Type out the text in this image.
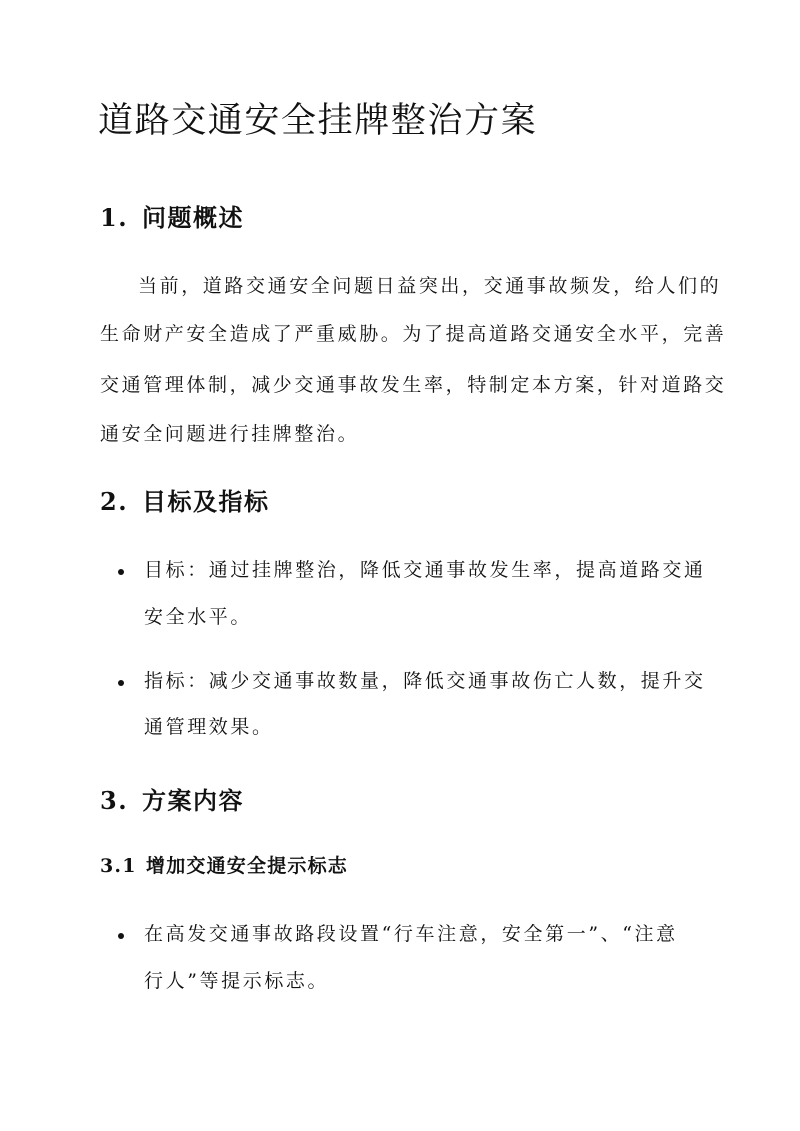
道路交通安全挂牌整治方案
1. 问题概述

当前，道路交通安全问题日益突出，交通事故频发，给人们的

生命财产安全造成了严重威胁。为了提高道路交通安全水平，完善

交通管理体制，减少交通事故发生率，特制定本方案，针对道路交

通安全问题进行挂牌整治。

2. 目标及指标

目标：通过挂牌整治，降低交通事故发生率，提高道路交通

安全水平。

指标：减少交通事故数量，降低交通事故伤亡人数，提升交

通管理效果。

3. 方案内容
3.1 增加交通安全提示标志

在高发交通事故路段设置“行车注意，安全第一”、“注意

行人”等提示标志。
